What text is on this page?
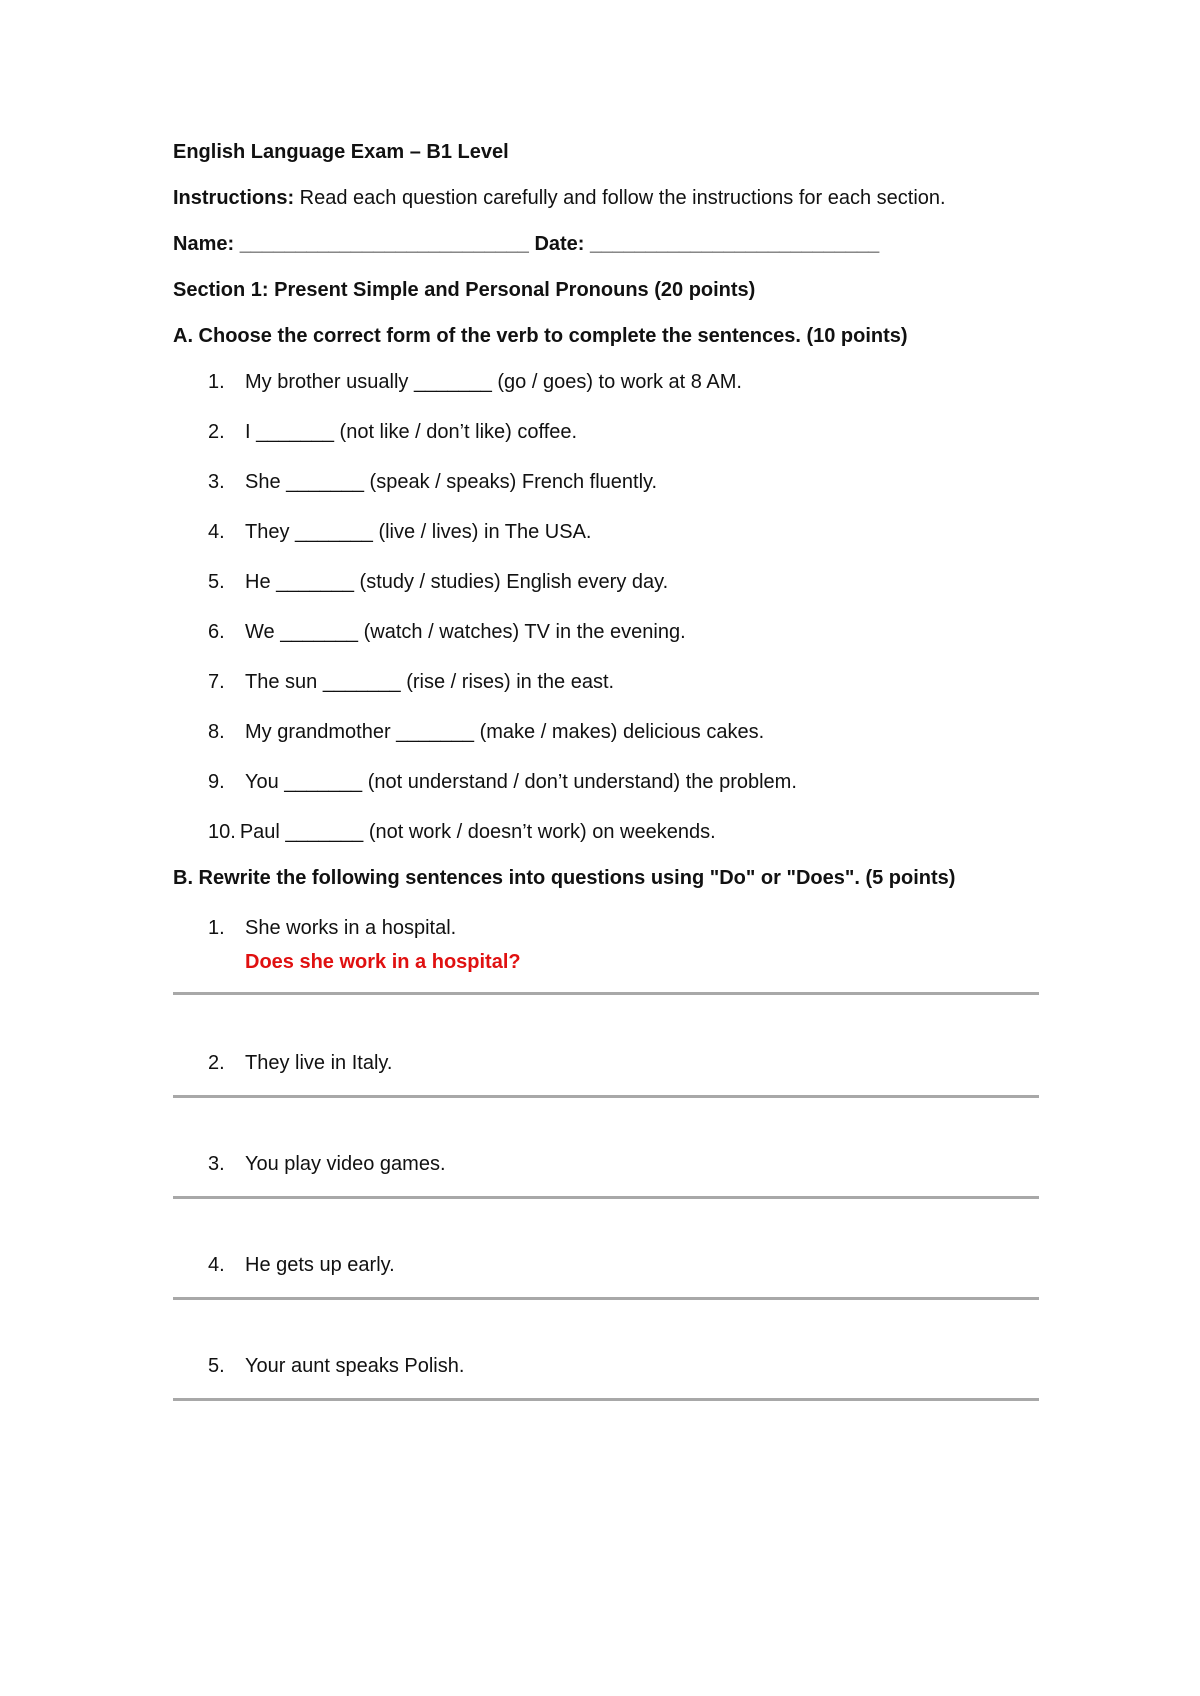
English Language Exam – B1 Level

Instructions: Read each question carefully and follow the instructions for each section.

Name: __________________________ Date: __________________________

Section 1: Present Simple and Personal Pronouns (20 points)

A. Choose the correct form of the verb to complete the sentences. (10 points)

1. My brother usually _______ (go / goes) to work at 8 AM.
2. I _______ (not like / don’t like) coffee.
3. She _______ (speak / speaks) French fluently.
4. They _______ (live / lives) in The USA.
5. He _______ (study / studies) English every day.
6. We _______ (watch / watches) TV in the evening.
7. The sun _______ (rise / rises) in the east.
8. My grandmother _______ (make / makes) delicious cakes.
9. You _______ (not understand / don’t understand) the problem.
10. Paul _______ (not work / doesn’t work) on weekends.

B. Rewrite the following sentences into questions using "Do" or "Does". (5 points)

1. She works in a hospital.
Does she work in a hospital?
2. They live in Italy.
3. You play video games.
4. He gets up early.
5. Your aunt speaks Polish.
